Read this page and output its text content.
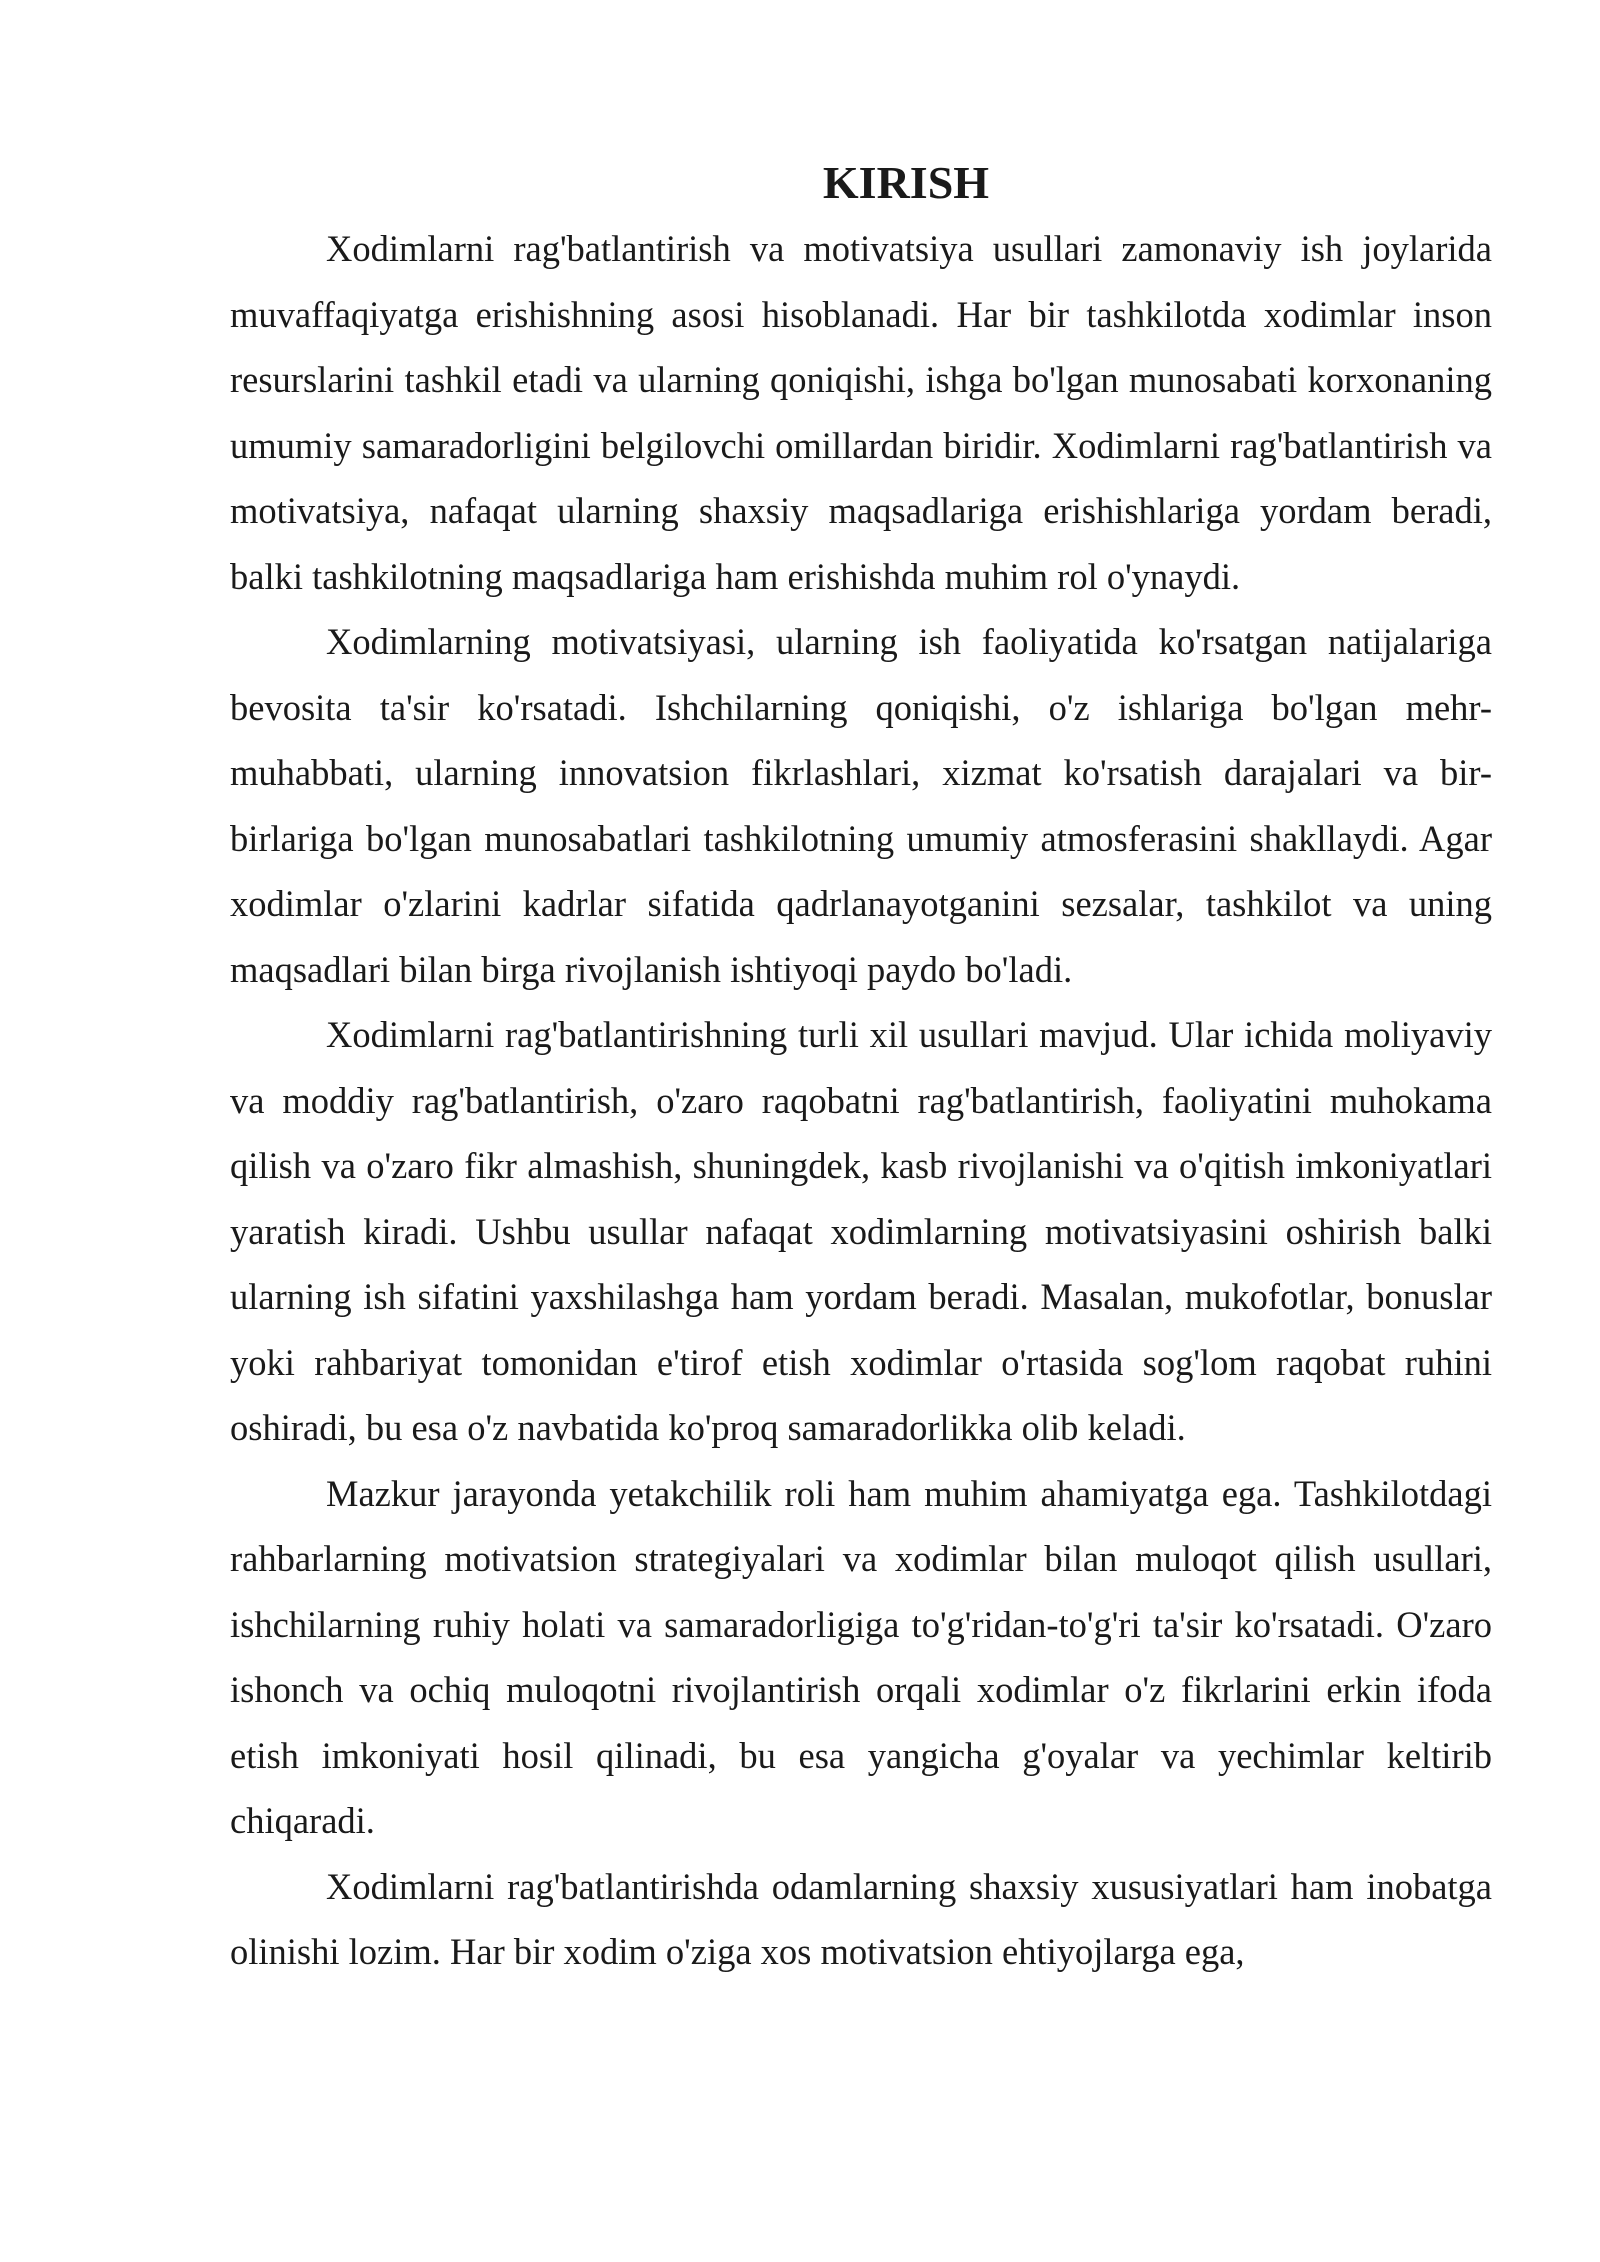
KIRISH

Xodimlarni rag'batlantirish va motivatsiya usullari zamonaviy ish joylarida muvaffaqiyatga erishishning asosi hisoblanadi. Har bir tashkilotda xodimlar inson resurslarini tashkil etadi va ularning qoniqishi, ishga bo'lgan munosabati korxonaning umumiy samaradorligini belgilovchi omillardan biridir. Xodimlarni rag'batlantirish va motivatsiya, nafaqat ularning shaxsiy maqsadlariga erishishlariga yordam beradi, balki tashkilotning maqsadlariga ham erishishda muhim rol o'ynaydi.

Xodimlarning motivatsiyasi, ularning ish faoliyatida ko'rsatgan natijalariga bevosita ta'sir ko'rsatadi. Ishchilarning qoniqishi, o'z ishlariga bo'lgan mehr-muhabbati, ularning innovatsion fikrlashlari, xizmat ko'rsatish darajalari va bir-birlariga bo'lgan munosabatlari tashkilotning umumiy atmosferasini shakllaydi. Agar xodimlar o'zlarini kadrlar sifatida qadrlanayotganini sezsalar, tashkilot va uning maqsadlari bilan birga rivojlanish ishtiyoqi paydo bo'ladi.

Xodimlarni rag'batlantirishning turli xil usullari mavjud. Ular ichida moliyaviy va moddiy rag'batlantirish, o'zaro raqobatni rag'batlantirish, faoliyatini muhokama qilish va o'zaro fikr almashish, shuningdek, kasb rivojlanishi va o'qitish imkoniyatlari yaratish kiradi. Ushbu usullar nafaqat xodimlarning motivatsiyasini oshirish balki ularning ish sifatini yaxshilashga ham yordam beradi. Masalan, mukofotlar, bonuslar yoki rahbariyat tomonidan e'tirof etish xodimlar o'rtasida sog'lom raqobat ruhini oshiradi, bu esa o'z navbatida ko'proq samaradorlikka olib keladi.

Mazkur jarayonda yetakchilik roli ham muhim ahamiyatga ega. Tashkilotdagi rahbarlarning motivatsion strategiyalari va xodimlar bilan muloqot qilish usullari, ishchilarning ruhiy holati va samaradorligiga to'g'ridan-to'g'ri ta'sir ko'rsatadi. O'zaro ishonch va ochiq muloqotni rivojlantirish orqali xodimlar o'z fikrlarini erkin ifoda etish imkoniyati hosil qilinadi, bu esa yangicha g'oyalar va yechimlar keltirib chiqaradi.

Xodimlarni rag'batlantirishda odamlarning shaxsiy xususiyatlari ham inobatga olinishi lozim. Har bir xodim o'ziga xos motivatsion ehtiyojlarga ega,
